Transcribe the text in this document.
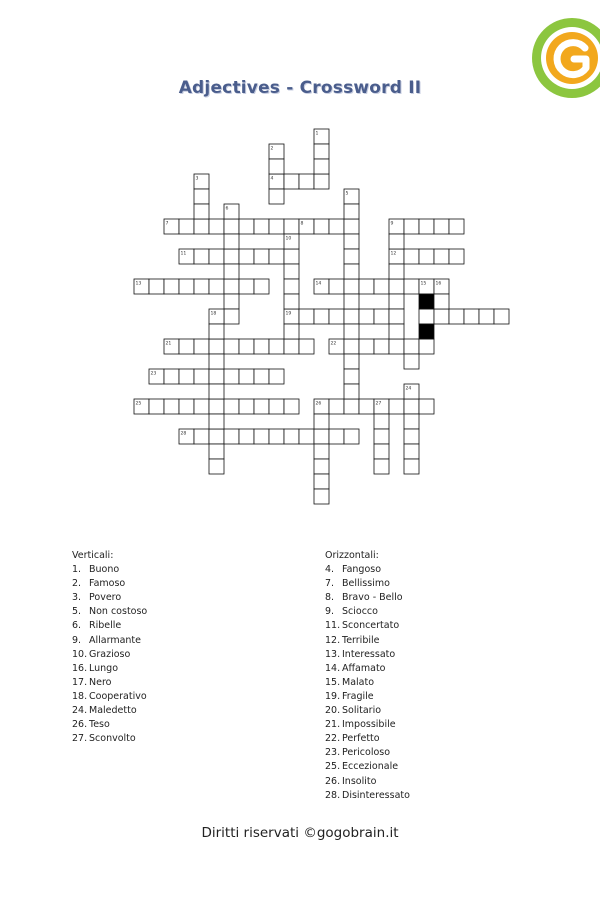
Adjectives - Crossword II
4
7	8	9
11	12
13	14	15 16
19
21	22
23
25	26	27
28
1
2
3
5
6
10
18
24
Verticali:
1. Buono
2. Famoso
3. Povero
5. Non costoso
6. Ribelle
9. Allarmante
10. Grazioso
16. Lungo
17. Nero
18. Cooperativo
24. Maledetto
26. Teso
27. Sconvolto
Orizzontali:
4. Fangoso
7. Bellissimo
8. Bravo - Bello
9. Sciocco
11. Sconcertato
12. Terribile
13. Interessato
14. Affamato
15. Malato
19. Fragile
20. Solitario
21. Impossibile
22. Perfetto
23. Pericoloso
25. Eccezionale
26. Insolito
28. Disinteressato
Diritti riservati ©gogobrain.it
